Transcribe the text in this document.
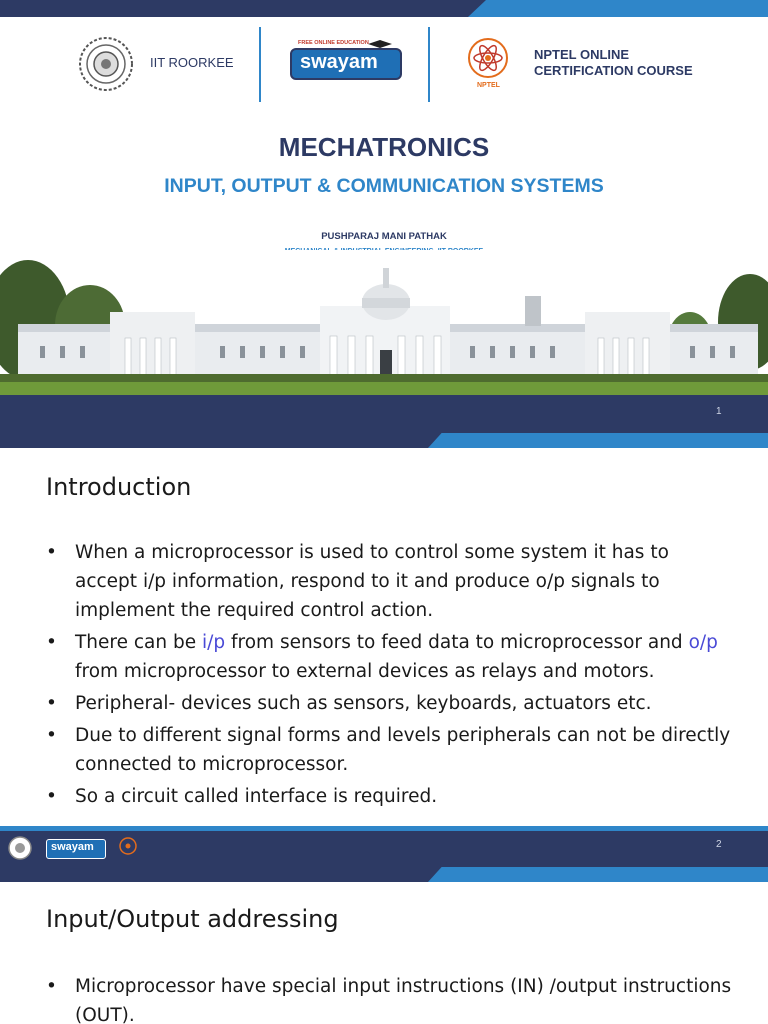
IIT ROORKEE
FREE ONLINE EDUCATION
swayam
NPTEL
NPTEL ONLINE
CERTIFICATION COURSE
MECHATRONICS
INPUT, OUTPUT & COMMUNICATION SYSTEMS
PUSHPARAJ MANI PATHAK
1
Introduction
• When a microprocessor is used to control some system it has to accept i/p information, respond to it and produce o/p signals to implement the required control action.
• There can be i/p from sensors to feed data to microprocessor and o/p from microprocessor to external devices as relays and motors.
• Peripheral- devices such as sensors, keyboards, actuators etc.
• Due to different signal forms and levels peripherals can not be directly connected to microprocessor.
• So a circuit called interface is required.
swayam	2
Input/Output addressing
• Microprocessor have special input instructions (IN) /output instructions (OUT).
